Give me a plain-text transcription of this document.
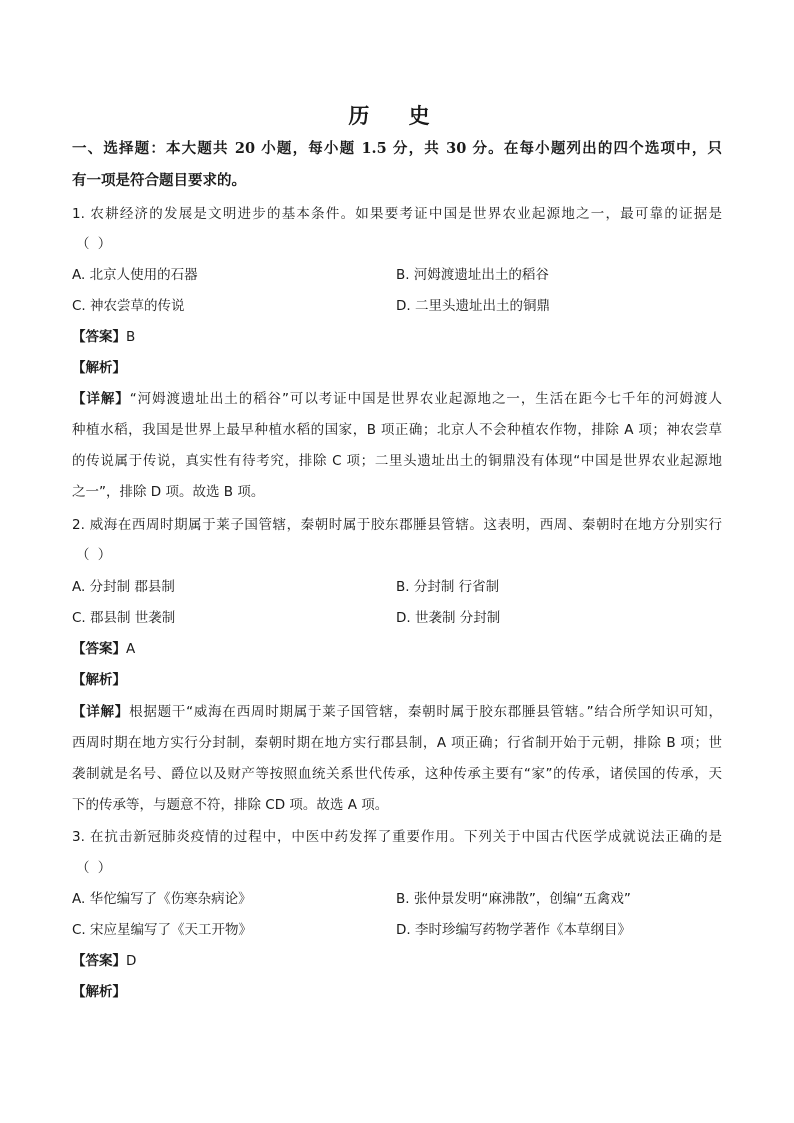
历 史
一、选择题：本大题共 20 小题，每小题 1.5 分，共 30 分。在每小题列出的四个选项中，只
有一项是符合题目要求的。
1. 农耕经济的发展是文明进步的基本条件。如果要考证中国是世界农业起源地之一，最可靠的证据是
（ ）
A. 北京人使用的石器	B. 河姆渡遗址出土的稻谷
C. 神农尝草的传说	D. 二里头遗址出土的铜鼎
【答案】B
【解析】
【详解】“河姆渡遗址出土的稻谷”可以考证中国是世界农业起源地之一，生活在距今七千年的河姆渡人
种植水稻，我国是世界上最早种植水稻的国家，B 项正确；北京人不会种植农作物，排除 A 项；神农尝草
的传说属于传说，真实性有待考究，排除 C 项；二里头遗址出土的铜鼎没有体现“中国是世界农业起源地
之一”，排除 D 项。故选 B 项。
2. 威海在西周时期属于莱子国管辖，秦朝时属于胶东郡腄县管辖。这表明，西周、秦朝时在地方分别实行
（ ）
A. 分封制 郡县制	B. 分封制 行省制
C. 郡县制 世袭制	D. 世袭制 分封制
【答案】A
【解析】
【详解】根据题干“威海在西周时期属于莱子国管辖，秦朝时属于胶东郡腄县管辖。”结合所学知识可知，
西周时期在地方实行分封制，秦朝时期在地方实行郡县制，A 项正确；行省制开始于元朝，排除 B 项；世
袭制就是名号、爵位以及财产等按照血统关系世代传承，这种传承主要有“家”的传承，诸侯国的传承，天
下的传承等，与题意不符，排除 CD 项。故选 A 项。
3. 在抗击新冠肺炎疫情的过程中，中医中药发挥了重要作用。下列关于中国古代医学成就说法正确的是
（ ）
A. 华佗编写了《伤寒杂病论》	B. 张仲景发明“麻沸散”，创编“五禽戏”
C. 宋应星编写了《天工开物》	D. 李时珍编写药物学著作《本草纲目》
【答案】D
【解析】
